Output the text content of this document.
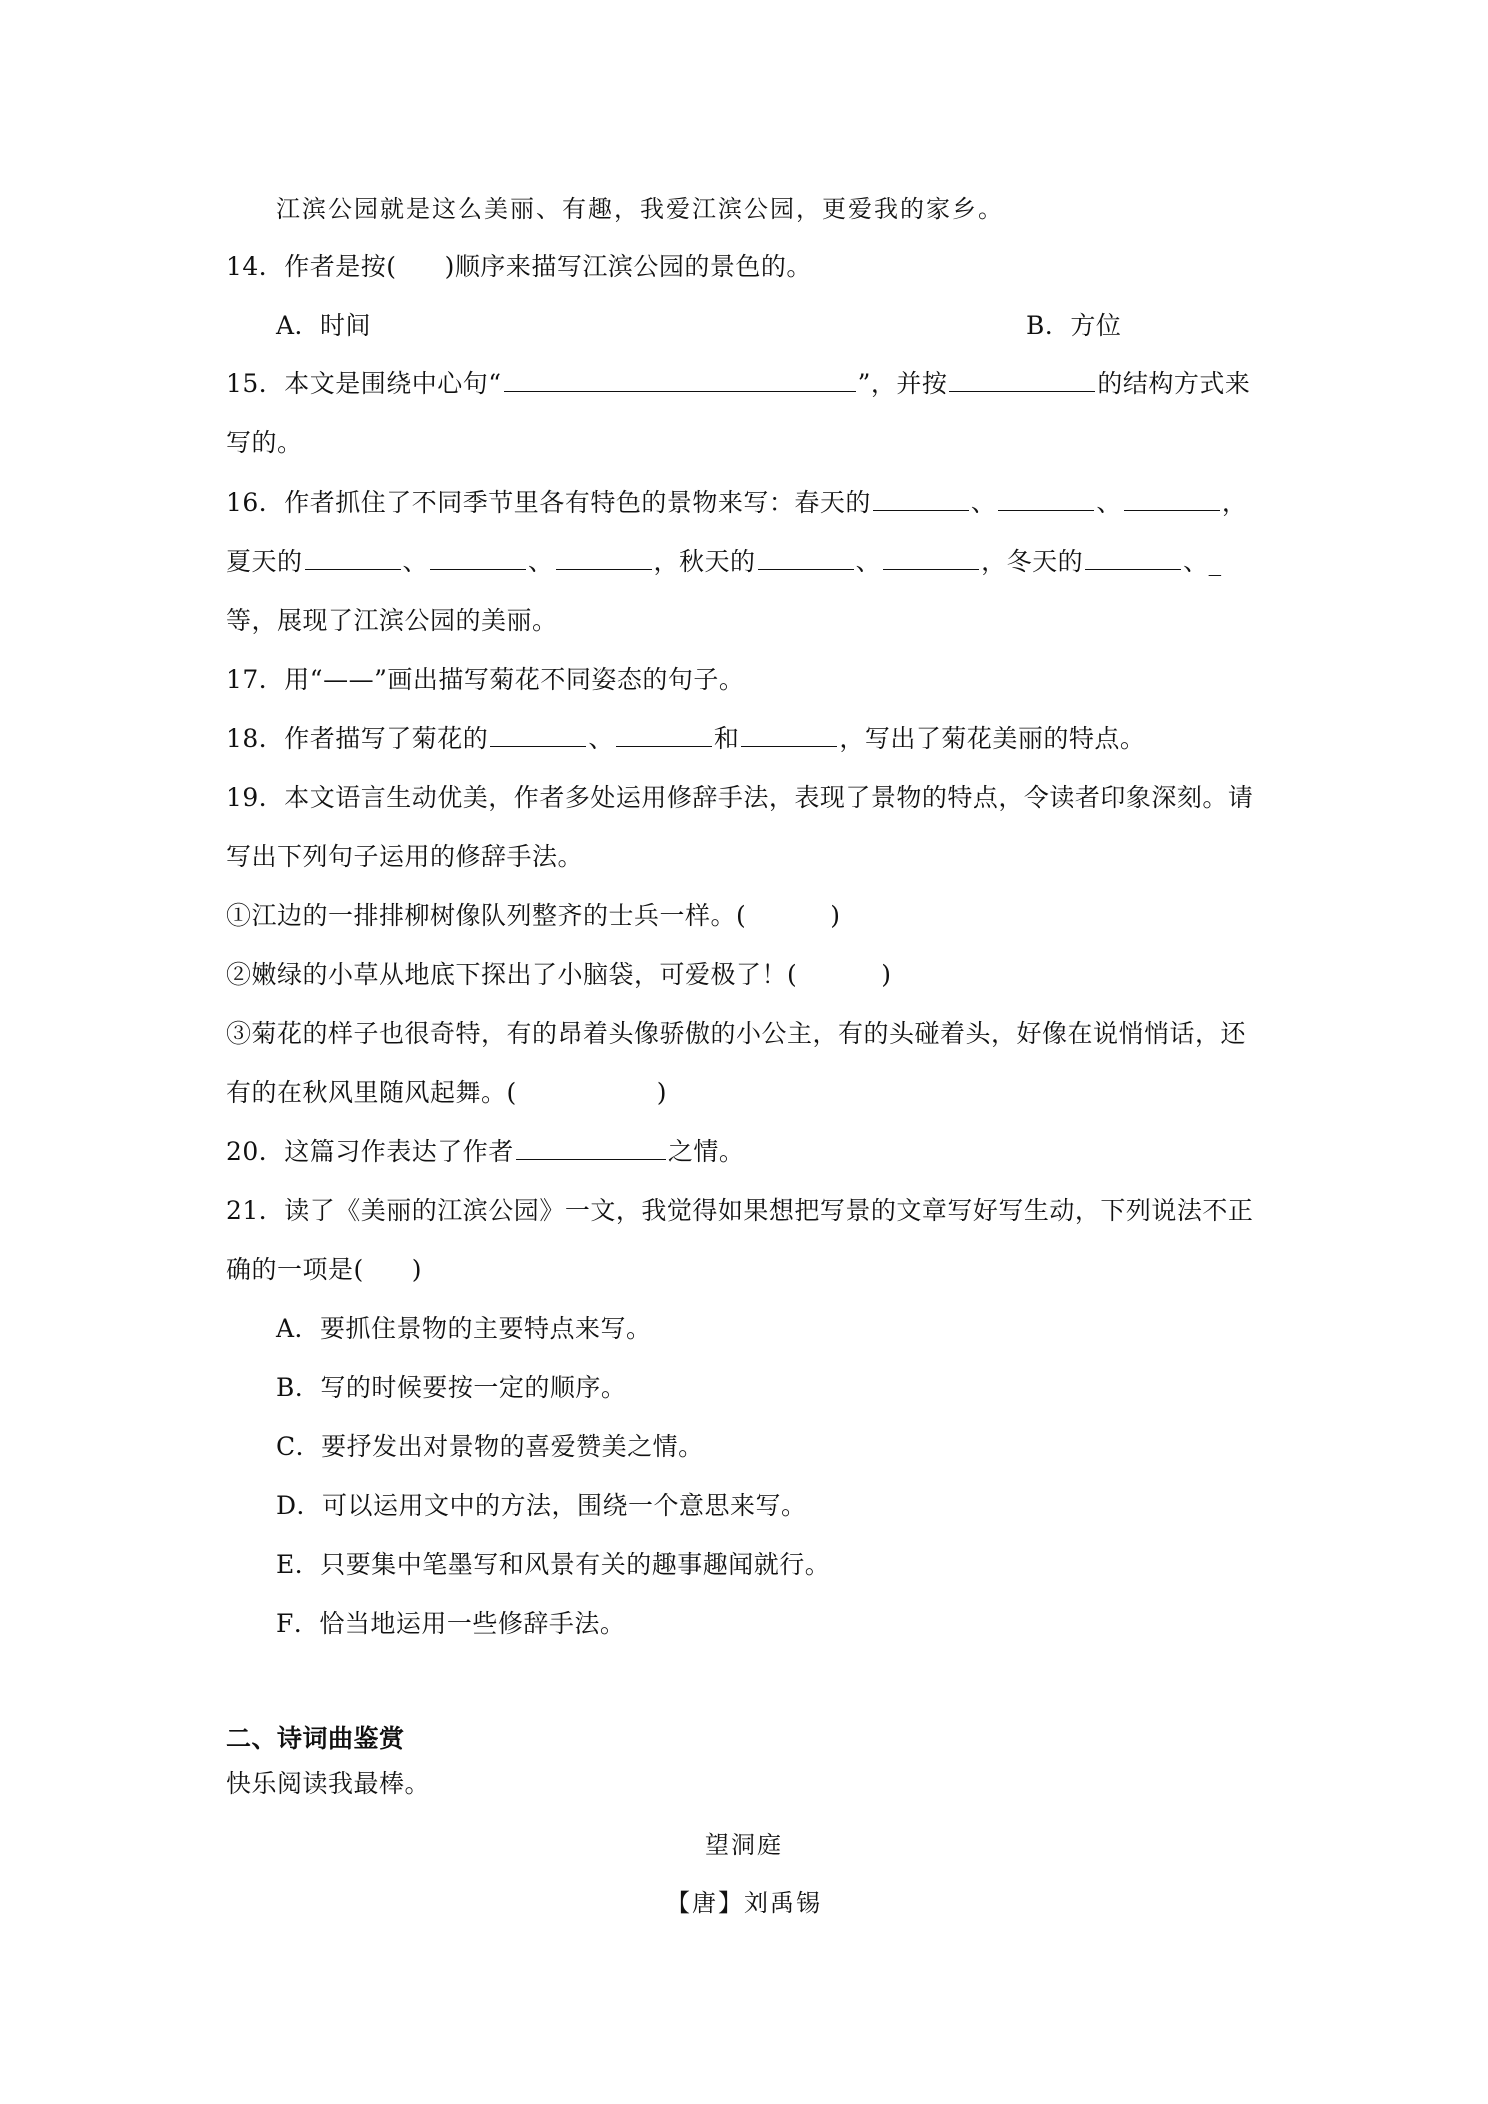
江滨公园就是这么美丽、有趣，我爱江滨公园，更爱我的家乡。
14．作者是按( )顺序来描写江滨公园的景色的。
A．时间	B．方位
15．本文是围绕中心句“	”，并按	的结构方式来
写的。
16．作者抓住了不同季节里各有特色的景物来写：春天的	、	、	，
夏天的	、	、	，秋天的	、	，冬天的	、_
等，展现了江滨公园的美丽。
17．用“——”画出描写菊花不同姿态的句子。
18．作者描写了菊花的	、	和	，写出了菊花美丽的特点。
19．本文语言生动优美，作者多处运用修辞手法，表现了景物的特点，令读者印象深刻。请
写出下列句子运用的修辞手法。
①江边的一排排柳树像队列整齐的士兵一样。(	)
②嫩绿的小草从地底下探出了小脑袋，可爱极了！(	)
③菊花的样子也很奇特，有的昂着头像骄傲的小公主，有的头碰着头，好像在说悄悄话，还
有的在秋风里随风起舞。(	)
20．这篇习作表达了作者	之情。
21．读了《美丽的江滨公园》一文，我觉得如果想把写景的文章写好写生动，下列说法不正
确的一项是( )
A．要抓住景物的主要特点来写。
B．写的时候要按一定的顺序。
C．要抒发出对景物的喜爱赞美之情。
D．可以运用文中的方法，围绕一个意思来写。
E．只要集中笔墨写和风景有关的趣事趣闻就行。
F．恰当地运用一些修辞手法。
二、诗词曲鉴赏
快乐阅读我最棒。
望洞庭
【唐】刘禹锡
